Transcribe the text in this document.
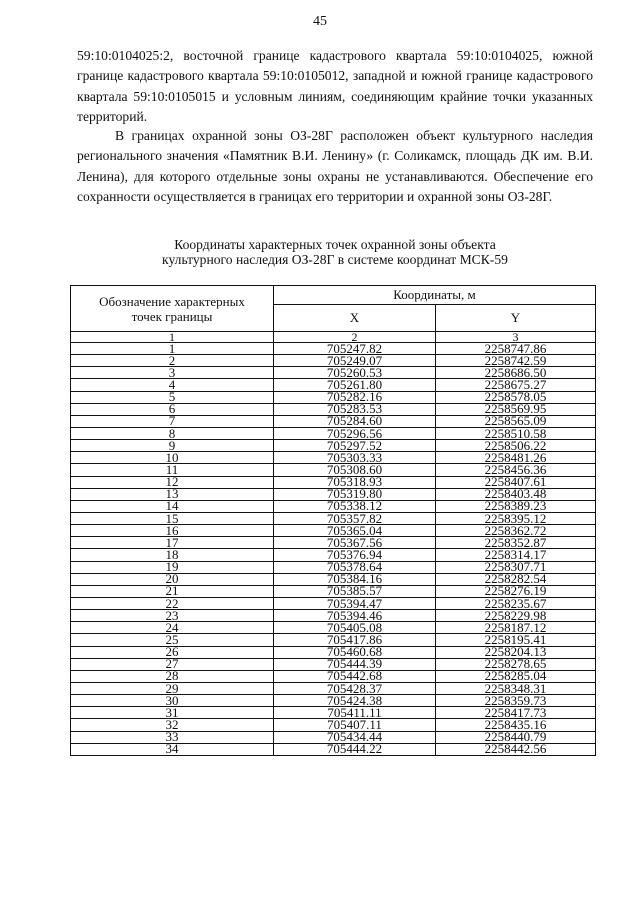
45

59:10:0104025:2, восточной границе кадастрового квартала 59:10:0104025, южной границе кадастрового квартала 59:10:0105012, западной и южной границе кадастрового квартала 59:10:0105015 и условным линиям, соединяющим крайние точки указанных территорий.

В границах охранной зоны ОЗ-28Г расположен объект культурного наследия регионального значения «Памятник В.И. Ленину» (г. Соликамск, площадь ДК им. В.И. Ленина), для которого отдельные зоны охраны не устанавливаются. Обеспечение его сохранности осуществляется в границах его территории и охранной зоны ОЗ-28Г.

Координаты характерных точек охранной зоны объекта
культурного наследия ОЗ-28Г в системе координат МСК-59
Обозначение характерных точек границы	Координаты, м	
	X	Y
1	2	3
1	705247.82	2258747.86
2	705249.07	2258742.59
3	705260.53	2258686.50
4	705261.80	2258675.27
5	705282.16	2258578.05
6	705283.53	2258569.95
7	705284.60	2258565.09
8	705296.56	2258510.58
9	705297.52	2258506.22
10	705303.33	2258481.26
11	705308.60	2258456.36
12	705318.93	2258407.61
13	705319.80	2258403.48
14	705338.12	2258389.23
15	705357.82	2258395.12
16	705365.04	2258362.72
17	705367.56	2258352.87
18	705376.94	2258314.17
19	705378.64	2258307.71
20	705384.16	2258282.54
21	705385.57	2258276.19
22	705394.47	2258235.67
23	705394.46	2258229.98
24	705405.08	2258187.12
25	705417.86	2258195.41
26	705460.68	2258204.13
27	705444.39	2258278.65
28	705442.68	2258285.04
29	705428.37	2258348.31
30	705424.38	2258359.73
31	705411.11	2258417.73
32	705407.11	2258435.16
33	705434.44	2258440.79
34	705444.22	2258442.56
